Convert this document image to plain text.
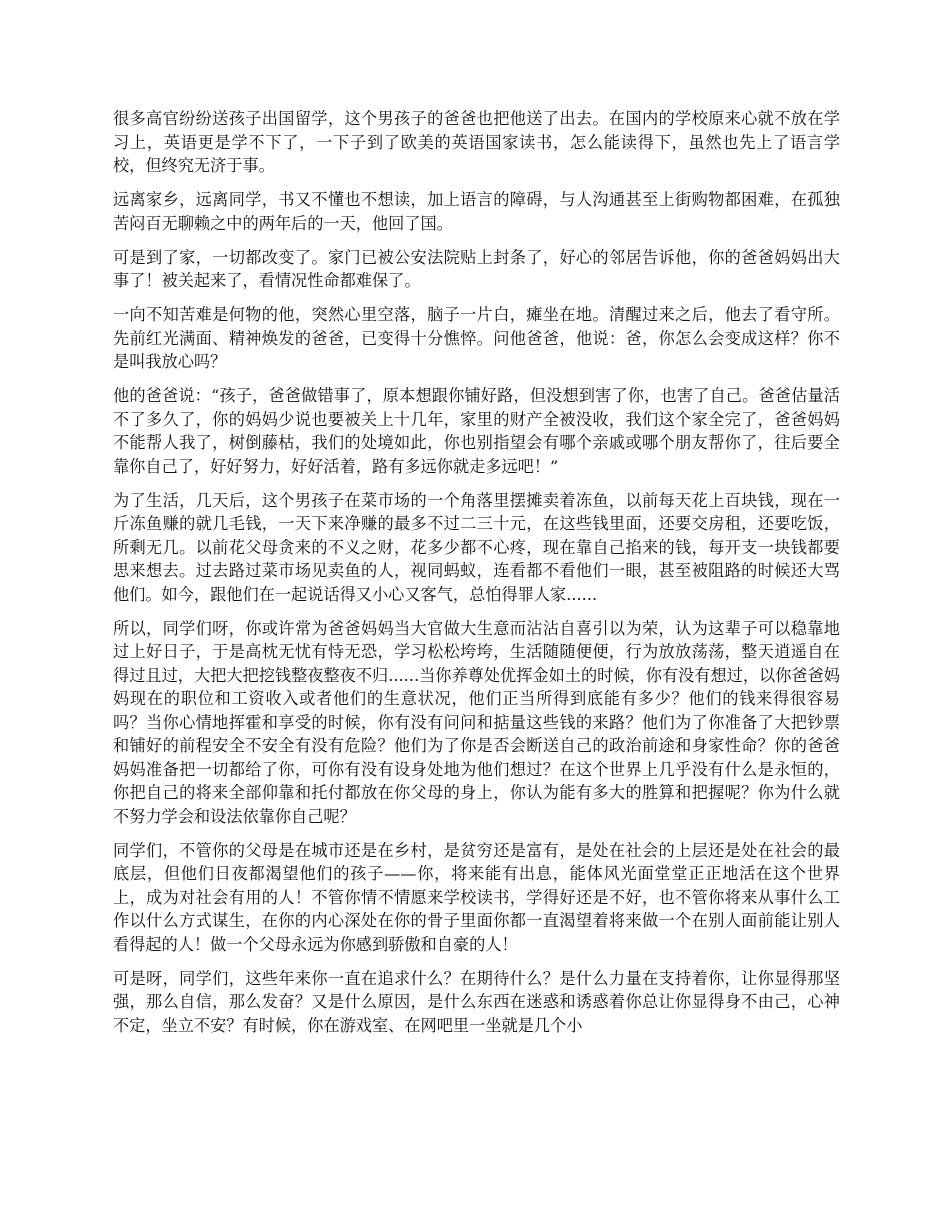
很多高官纷纷送孩子出国留学，这个男孩子的爸爸也把他送了出去。在国内的学校原来心就不放在学习上，英语更是学不下了，一下子到了欧美的英语国家读书，怎么能读得下，虽然也先上了语言学校，但终究无济于事。

远离家乡，远离同学，书又不懂也不想读，加上语言的障碍，与人沟通甚至上街购物都困难，在孤独苦闷百无聊赖之中的两年后的一天，他回了国。

可是到了家，一切都改变了。家门已被公安法院贴上封条了，好心的邻居告诉他，你的爸爸妈妈出大事了！被关起来了，看情况性命都难保了。

一向不知苦难是何物的他，突然心里空落，脑子一片白，瘫坐在地。清醒过来之后，他去了看守所。先前红光满面、精神焕发的爸爸，已变得十分憔悴。问他爸爸，他说：爸，你怎么会变成这样？你不是叫我放心吗？

他的爸爸说：“孩子，爸爸做错事了，原本想跟你铺好路，但没想到害了你，也害了自己。爸爸估量活不了多久了，你的妈妈少说也要被关上十几年，家里的财产全被没收，我们这个家全完了，爸爸妈妈不能帮人我了，树倒藤枯，我们的处境如此，你也别指望会有哪个亲戚或哪个朋友帮你了，往后要全靠你自己了，好好努力，好好活着，路有多远你就走多远吧！”

为了生活，几天后，这个男孩子在菜市场的一个角落里摆摊卖着冻鱼，以前每天花上百块钱，现在一斤冻鱼赚的就几毛钱，一天下来净赚的最多不过二三十元，在这些钱里面，还要交房租，还要吃饭，所剩无几。以前花父母贪来的不义之财，花多少都不心疼，现在靠自己掐来的钱，每开支一块钱都要思来想去。过去路过菜市场见卖鱼的人，视同蚂蚁，连看都不看他们一眼，甚至被阻路的时候还大骂他们。如今，跟他们在一起说话得又小心又客气，总怕得罪人家......

所以，同学们呀，你或许常为爸爸妈妈当大官做大生意而沾沾自喜引以为荣，认为这辈子可以稳靠地过上好日子，于是高枕无忧有恃无恐，学习松松垮垮，生活随随便便，行为放放荡荡，整天逍遥自在得过且过，大把大把挖钱整夜整夜不归......当你养尊处优挥金如土的时候，你有没有想过，以你爸爸妈妈现在的职位和工资收入或者他们的生意状况，他们正当所得到底能有多少？他们的钱来得很容易吗？当你心情地挥霍和享受的时候，你有没有问问和掂量这些钱的来路？他们为了你准备了大把钞票和铺好的前程安全不安全有没有危险？他们为了你是否会断送自己的政治前途和身家性命？你的爸爸妈妈准备把一切都给了你，可你有没有设身处地为他们想过？在这个世界上几乎没有什么是永恒的，你把自己的将来全部仰靠和托付都放在你父母的身上，你认为能有多大的胜算和把握呢？你为什么就不努力学会和设法依靠你自己呢？

同学们，不管你的父母是在城市还是在乡村，是贫穷还是富有，是处在社会的上层还是处在社会的最底层，但他们日夜都渴望他们的孩子——你，将来能有出息，能体风光面堂堂正正地活在这个世界上，成为对社会有用的人！不管你情不情愿来学校读书，学得好还是不好，也不管你将来从事什么工作以什么方式谋生，在你的内心深处在你的骨子里面你都一直渴望着将来做一个在别人面前能让别人看得起的人！做一个父母永远为你感到骄傲和自豪的人！

可是呀，同学们，这些年来你一直在追求什么？在期待什么？是什么力量在支持着你，让你显得那坚强，那么自信，那么发奋？又是什么原因，是什么东西在迷惑和诱惑着你总让你显得身不由己，心神不定，坐立不安？有时候，你在游戏室、在网吧里一坐就是几个小
